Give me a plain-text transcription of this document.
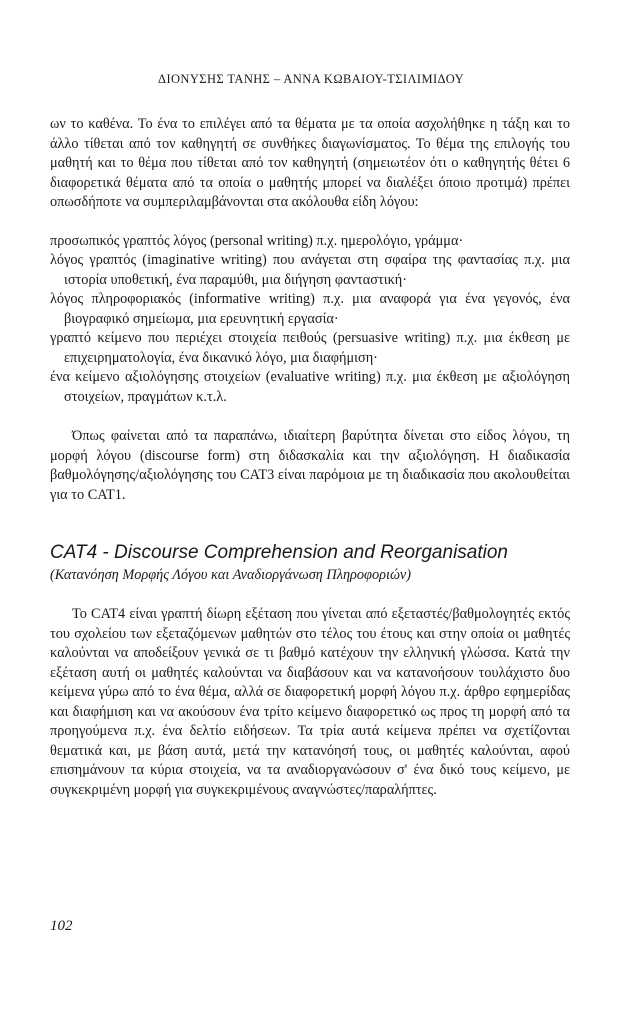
ΔΙΟΝΥΣΗΣ ΤΑΝΗΣ – ΑΝΝΑ ΚΩΒΑΙΟΥ-ΤΣΙΛΙΜΙΔΟΥ

ων το καθένα. Το ένα το επιλέγει από τα θέματα με τα οποία ασχολήθηκε η τάξη και το άλλο τίθεται από τον καθηγητή σε συνθήκες διαγωνίσματος. Το θέμα της επιλογής του μαθητή και το θέμα που τίθεται από τον καθηγητή (σημειωτέον ότι ο καθηγητής θέτει 6 διαφορετικά θέματα από τα οποία ο μαθητής μπορεί να διαλέξει όποιο προτιμά) πρέπει οπωσδήποτε να συμπεριλαμβάνονται στα ακόλουθα είδη λόγου:

προσωπικός γραπτός λόγος (personal writing) π.χ. ημερολόγιο, γράμμα·

λόγος γραπτός (imaginative writing) που ανάγεται στη σφαίρα της φαντασίας π.χ. μια ιστορία υποθετική, ένα παραμύθι, μια διήγηση φανταστική·

λόγος πληροφοριακός (informative writing) π.χ. μια αναφορά για ένα γεγονός, ένα βιογραφικό σημείωμα, μια ερευνητική εργασία·

γραπτό κείμενο που περιέχει στοιχεία πειθούς (persuasive writing) π.χ. μια έκθεση με επιχειρηματολογία, ένα δικανικό λόγο, μια διαφήμιση·

ένα κείμενο αξιολόγησης στοιχείων (evaluative writing) π.χ. μια έκθεση με αξιολόγηση στοιχείων, πραγμάτων κ.τ.λ.

Όπως φαίνεται από τα παραπάνω, ιδιαίτερη βαρύτητα δίνεται στο είδος λόγου, τη μορφή λόγου (discourse form) στη διδασκαλία και την αξιολόγηση. Η διαδικασία βαθμολόγησης/αξιολόγησης του CAT3 είναι παρόμοια με τη διαδικασία που ακολουθείται για το CAT1.

CAT4 - Discourse Comprehension and Reorganisation

(Κατανόηση Μορφής Λόγου και Αναδιοργάνωση Πληροφοριών)

Το CAT4 είναι γραπτή δίωρη εξέταση που γίνεται από εξεταστές/βαθμολογητές εκτός του σχολείου των εξεταζόμενων μαθητών στο τέλος του έτους και στην οποία οι μαθητές καλούνται να αποδείξουν γενικά σε τι βαθμό κατέχουν την ελληνική γλώσσα. Κατά την εξέταση αυτή οι μαθητές καλούνται να διαβάσουν και να κατανοήσουν τουλάχιστο δυο κείμενα γύρω από το ένα θέμα, αλλά σε διαφορετική μορφή λόγου π.χ. άρθρο εφημερίδας και διαφήμιση και να ακούσουν ένα τρίτο κείμενο διαφορετικό ως προς τη μορφή από τα προηγούμενα π.χ. ένα δελτίο ειδήσεων. Τα τρία αυτά κείμενα πρέπει να σχετίζονται θεματικά και, με βάση αυτά, μετά την κατανόησή τους, οι μαθητές καλούνται, αφού επισημάνουν τα κύρια στοιχεία, να τα αναδιοργανώσουν σ' ένα δικό τους κείμενο, με συγκεκριμένη μορφή για συγκεκριμένους αναγνώστες/παραλήπτες.

102
